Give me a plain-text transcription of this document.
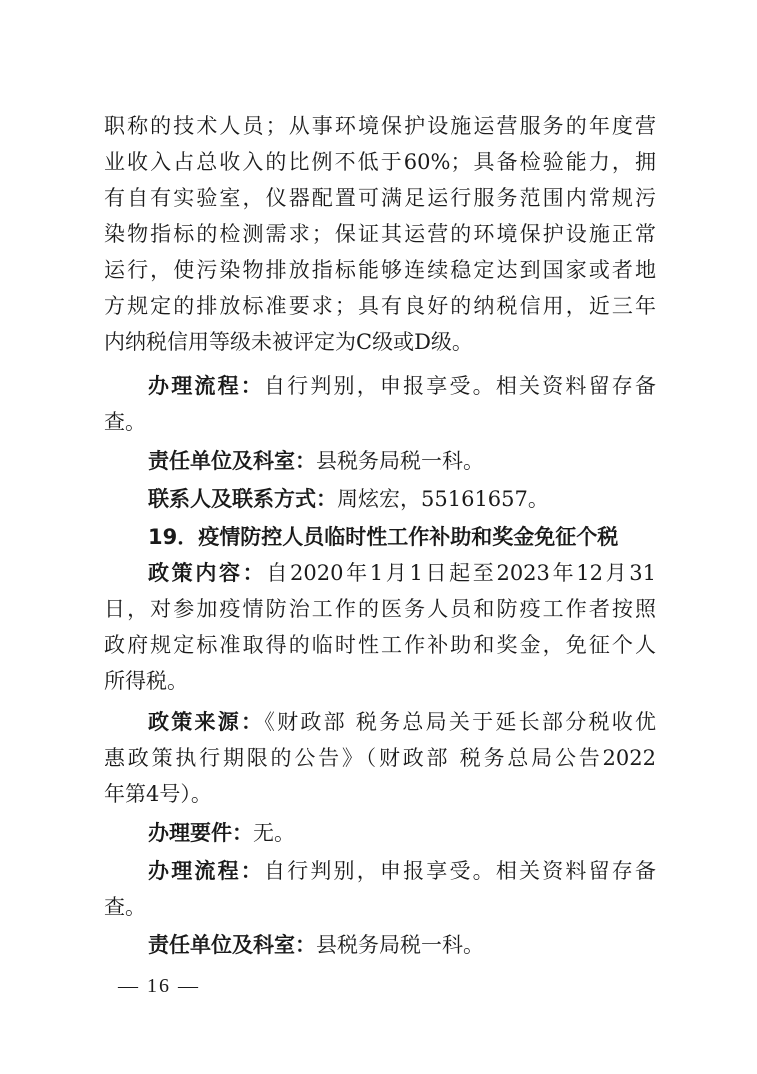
职称的技术人员；从事环境保护设施运营服务的年度营
业收入占总收入的比例不低于60%；具备检验能力，拥
有自有实验室，仪器配置可满足运行服务范围内常规污
染物指标的检测需求；保证其运营的环境保护设施正常
运行，使污染物排放指标能够连续稳定达到国家或者地
方规定的排放标准要求；具有良好的纳税信用，近三年
内纳税信用等级未被评定为C级或D级。
办理流程：自行判别，申报享受。相关资料留存备
查。
责任单位及科室：县税务局税一科。
联系人及联系方式：周炫宏，55161657。
19．疫情防控人员临时性工作补助和奖金免征个税
政策内容：自2020年1月1日起至2023年12月31
日，对参加疫情防治工作的医务人员和防疫工作者按照
政府规定标准取得的临时性工作补助和奖金，免征个人
所得税。
政策来源：《财政部 税务总局关于延长部分税收优
惠政策执行期限的公告》（财政部 税务总局公告2022
年第4号）。
办理要件：无。
办理流程：自行判别，申报享受。相关资料留存备
查。
责任单位及科室：县税务局税一科。
— 16 —
